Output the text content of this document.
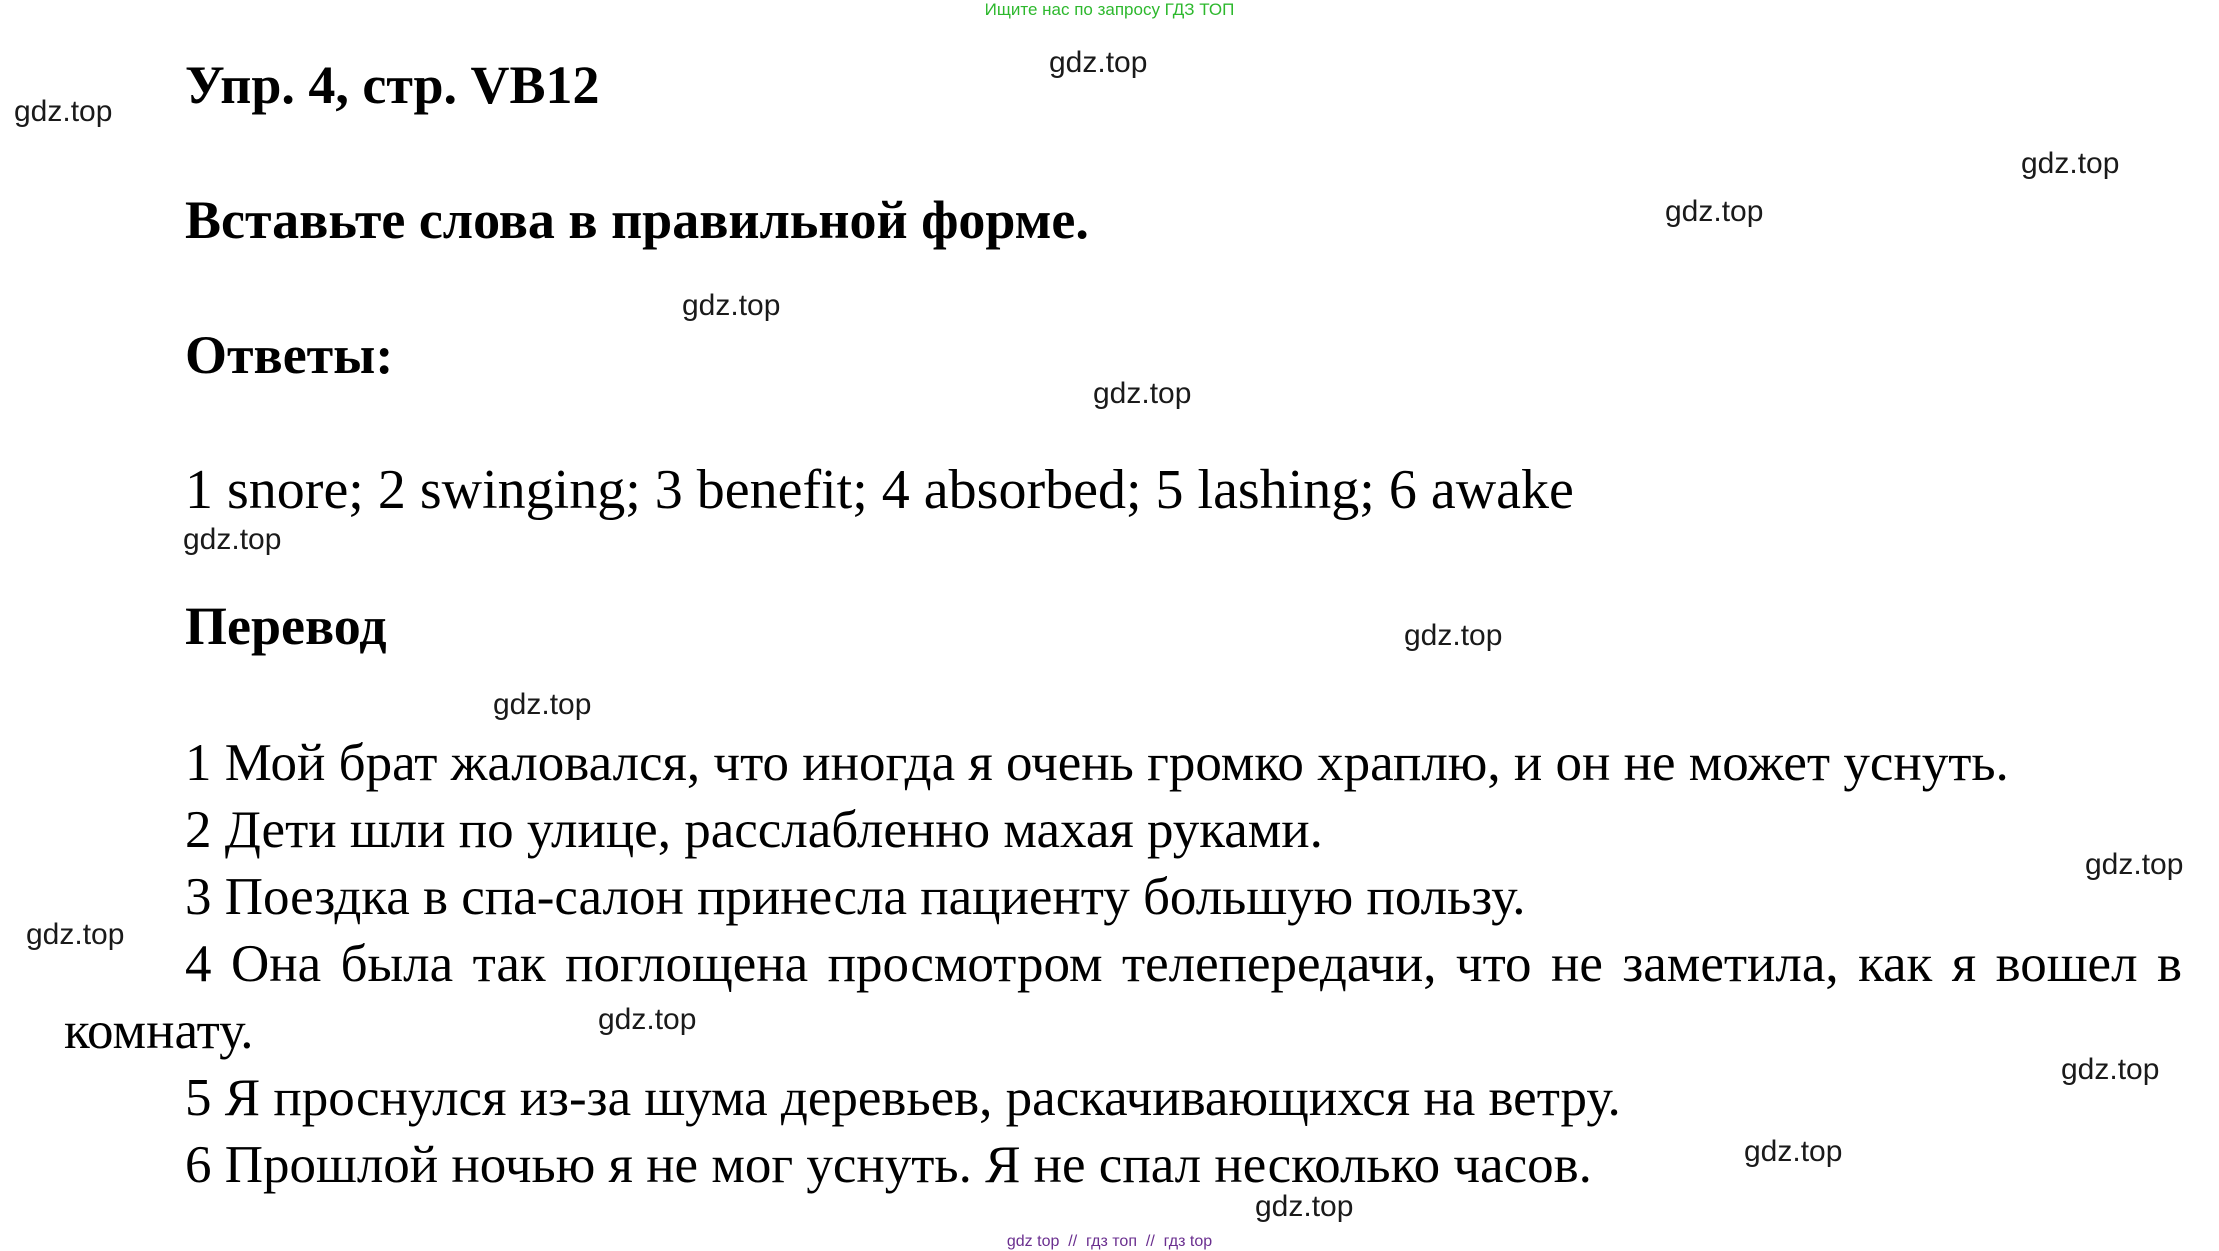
Ищите нас по запросу ГДЗ ТОП
Упр. 4, стр. VB12
Вставьте слова в правильной форме.
Ответы:
1 snore; 2 swinging; 3 benefit; 4 absorbed; 5 lashing; 6 awake
Перевод

1 Мой брат жаловался, что иногда я очень громко храплю, и он не может уснуть.

2 Дети шли по улице, расслабленно махая руками.

3 Поездка в спа-салон принесла пациенту большую пользу.

4 Она была так поглощена просмотром телепередачи, что не заметила, как я вошел в комнату.

5 Я проснулся из-за шума деревьев, раскачивающихся на ветру.

6 Прошлой ночью я не мог уснуть. Я не спал несколько часов.

gdz.top
gdz.top
gdz.top
gdz.top
gdz.top
gdz.top
gdz.top
gdz.top
gdz.top
gdz.top
gdz.top
gdz.top
gdz.top
gdz.top
gdz.top
gdz top  //  гдз топ  //  гдз top
